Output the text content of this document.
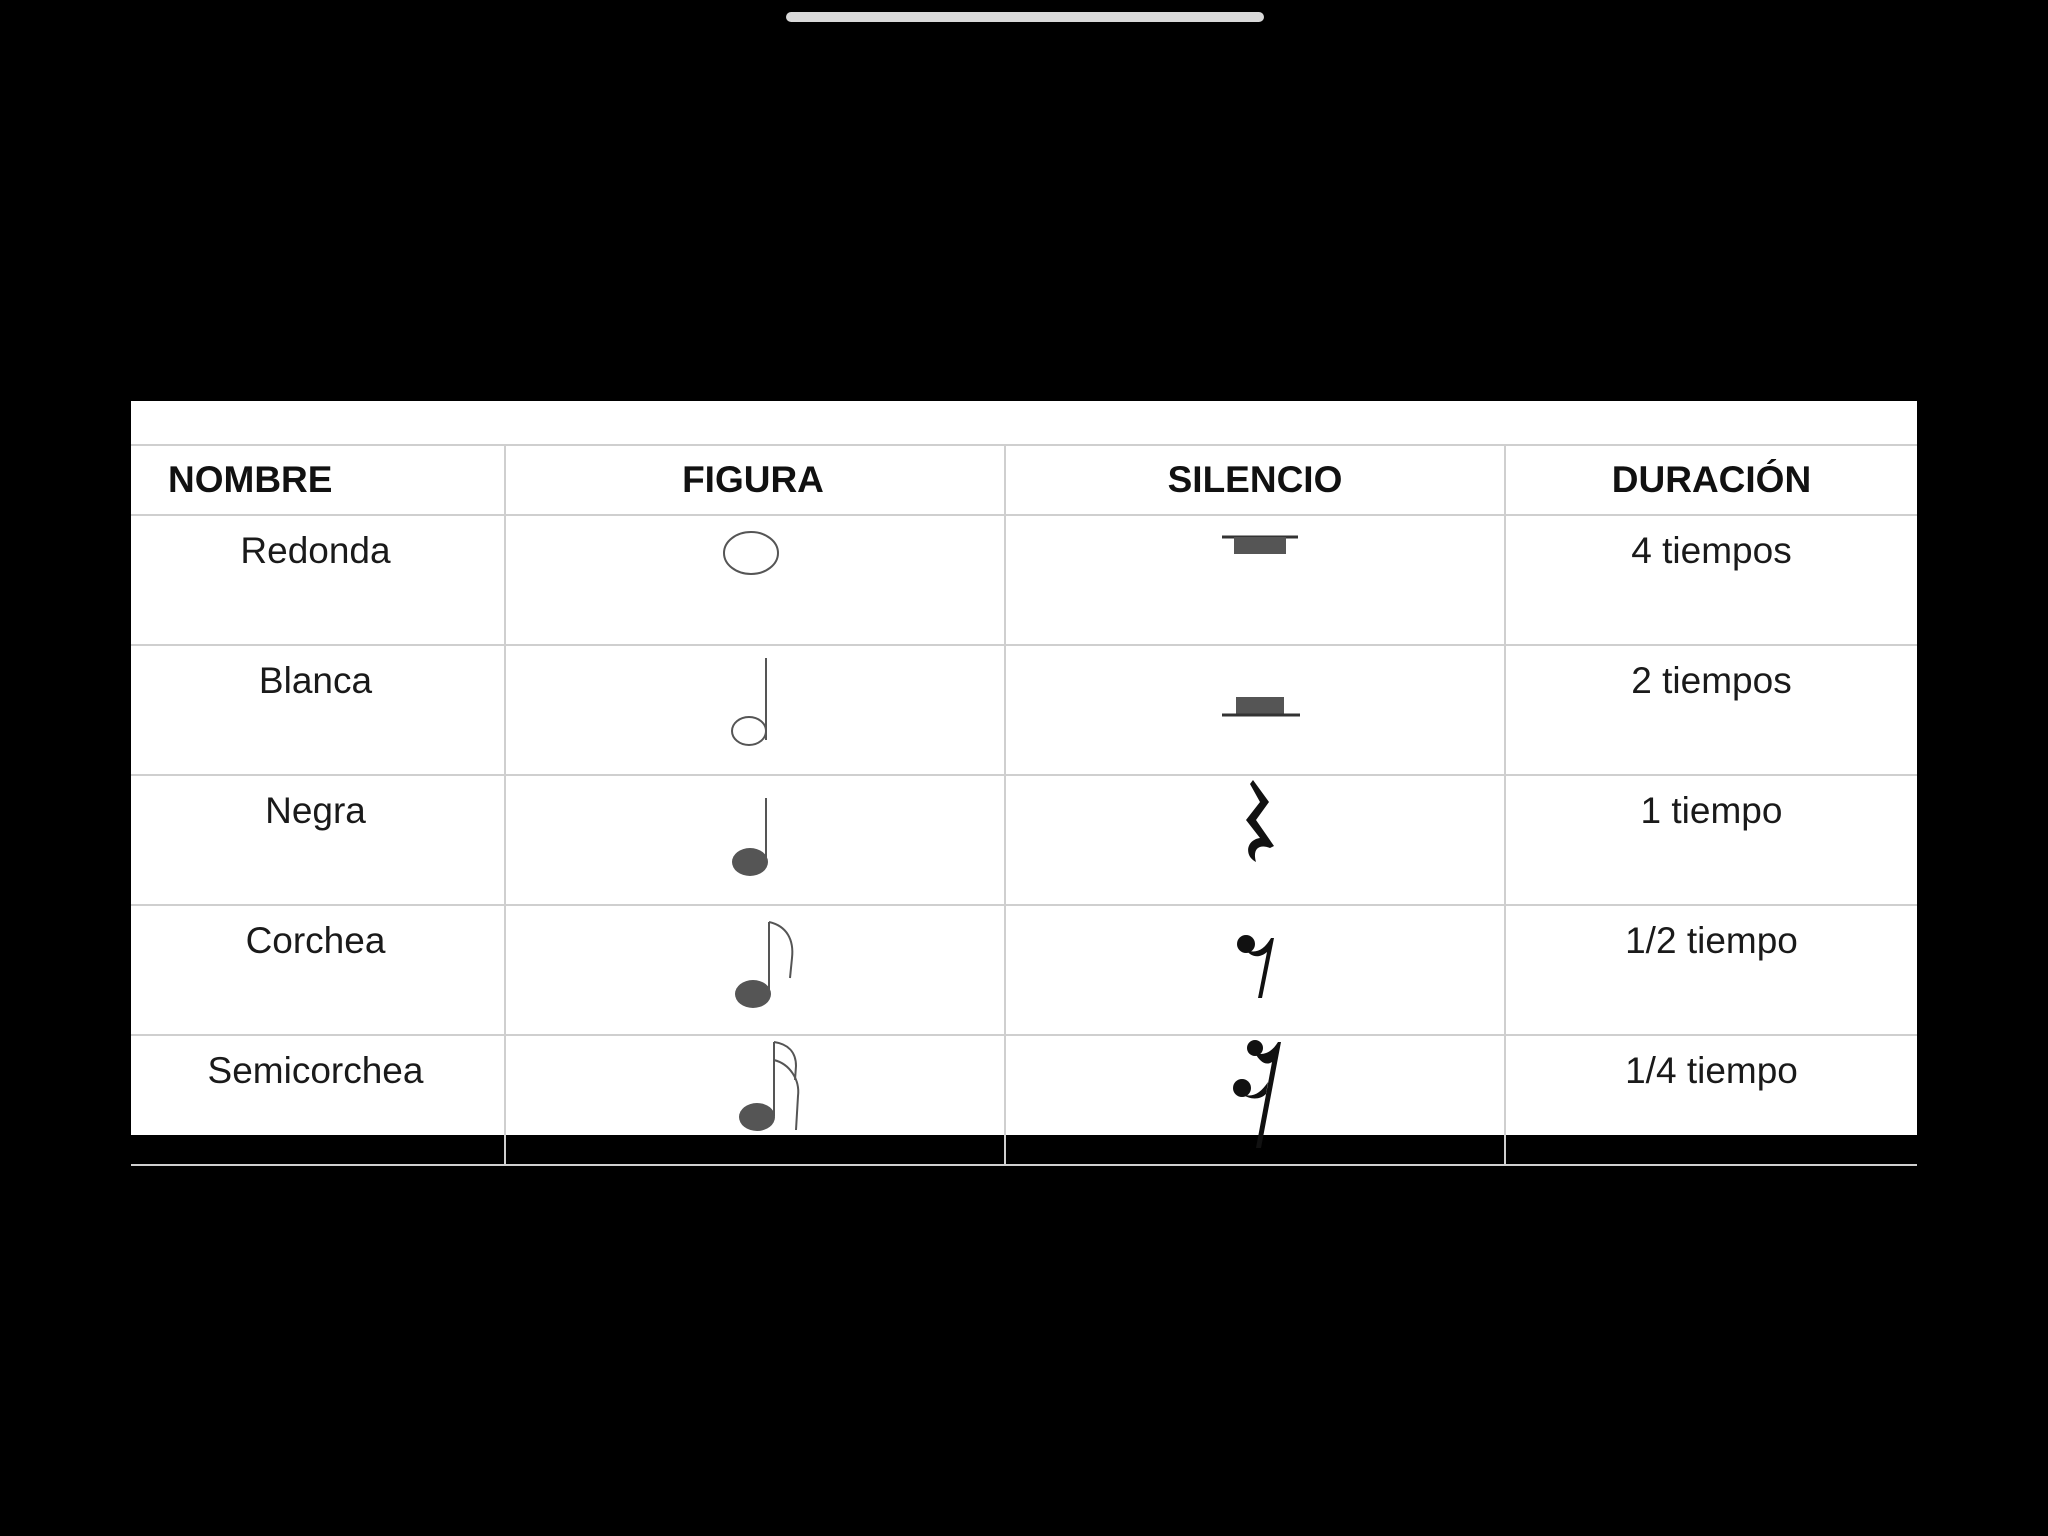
NOMBRE	FIGURA	SILENCIO	DURACIÓN
Redonda			4 tiempos
Blanca			2 tiempos
Negra			1 tiempo
Corchea			1/2 tiempo
Semicorchea			1/4 tiempo
